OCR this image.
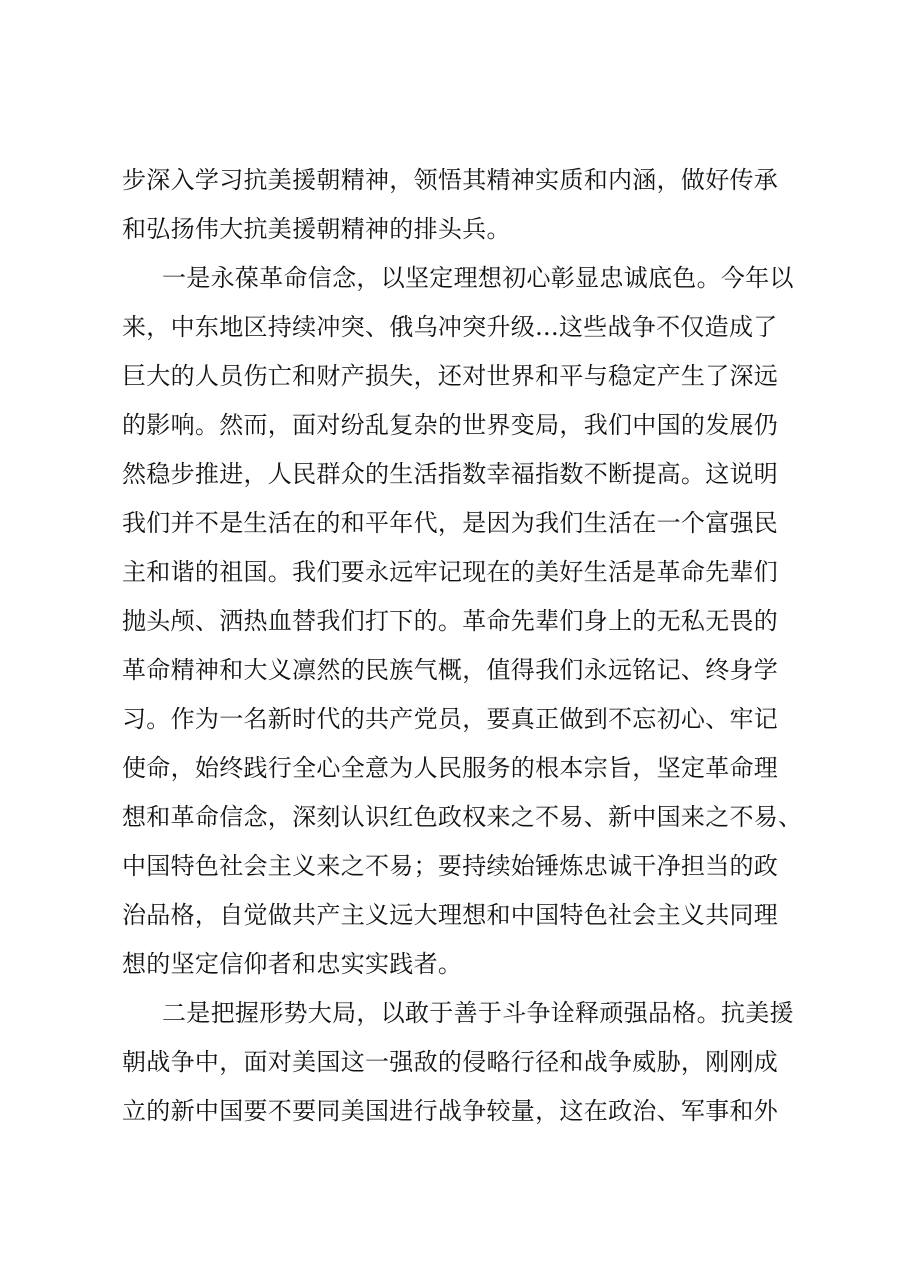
步深入学习抗美援朝精神，领悟其精神实质和内涵，做好传承
和弘扬伟大抗美援朝精神的排头兵。
一是永葆革命信念，以坚定理想初心彰显忠诚底色。今年以
来，中东地区持续冲突、俄乌冲突升级...这些战争不仅造成了
巨大的人员伤亡和财产损失，还对世界和平与稳定产生了深远
的影响。然而，面对纷乱复杂的世界变局，我们中国的发展仍
然稳步推进，人民群众的生活指数幸福指数不断提高。这说明
我们并不是生活在的和平年代，是因为我们生活在一个富强民
主和谐的祖国。我们要永远牢记现在的美好生活是革命先辈们
抛头颅、洒热血替我们打下的。革命先辈们身上的无私无畏的
革命精神和大义凛然的民族气概，值得我们永远铭记、终身学
习。作为一名新时代的共产党员，要真正做到不忘初心、牢记
使命，始终践行全心全意为人民服务的根本宗旨，坚定革命理
想和革命信念，深刻认识红色政权来之不易、新中国来之不易、
中国特色社会主义来之不易；要持续始锤炼忠诚干净担当的政
治品格，自觉做共产主义远大理想和中国特色社会主义共同理
想的坚定信仰者和忠实实践者。
二是把握形势大局，以敢于善于斗争诠释顽强品格。抗美援
朝战争中，面对美国这一强敌的侵略行径和战争威胁，刚刚成
立的新中国要不要同美国进行战争较量，这在政治、军事和外
